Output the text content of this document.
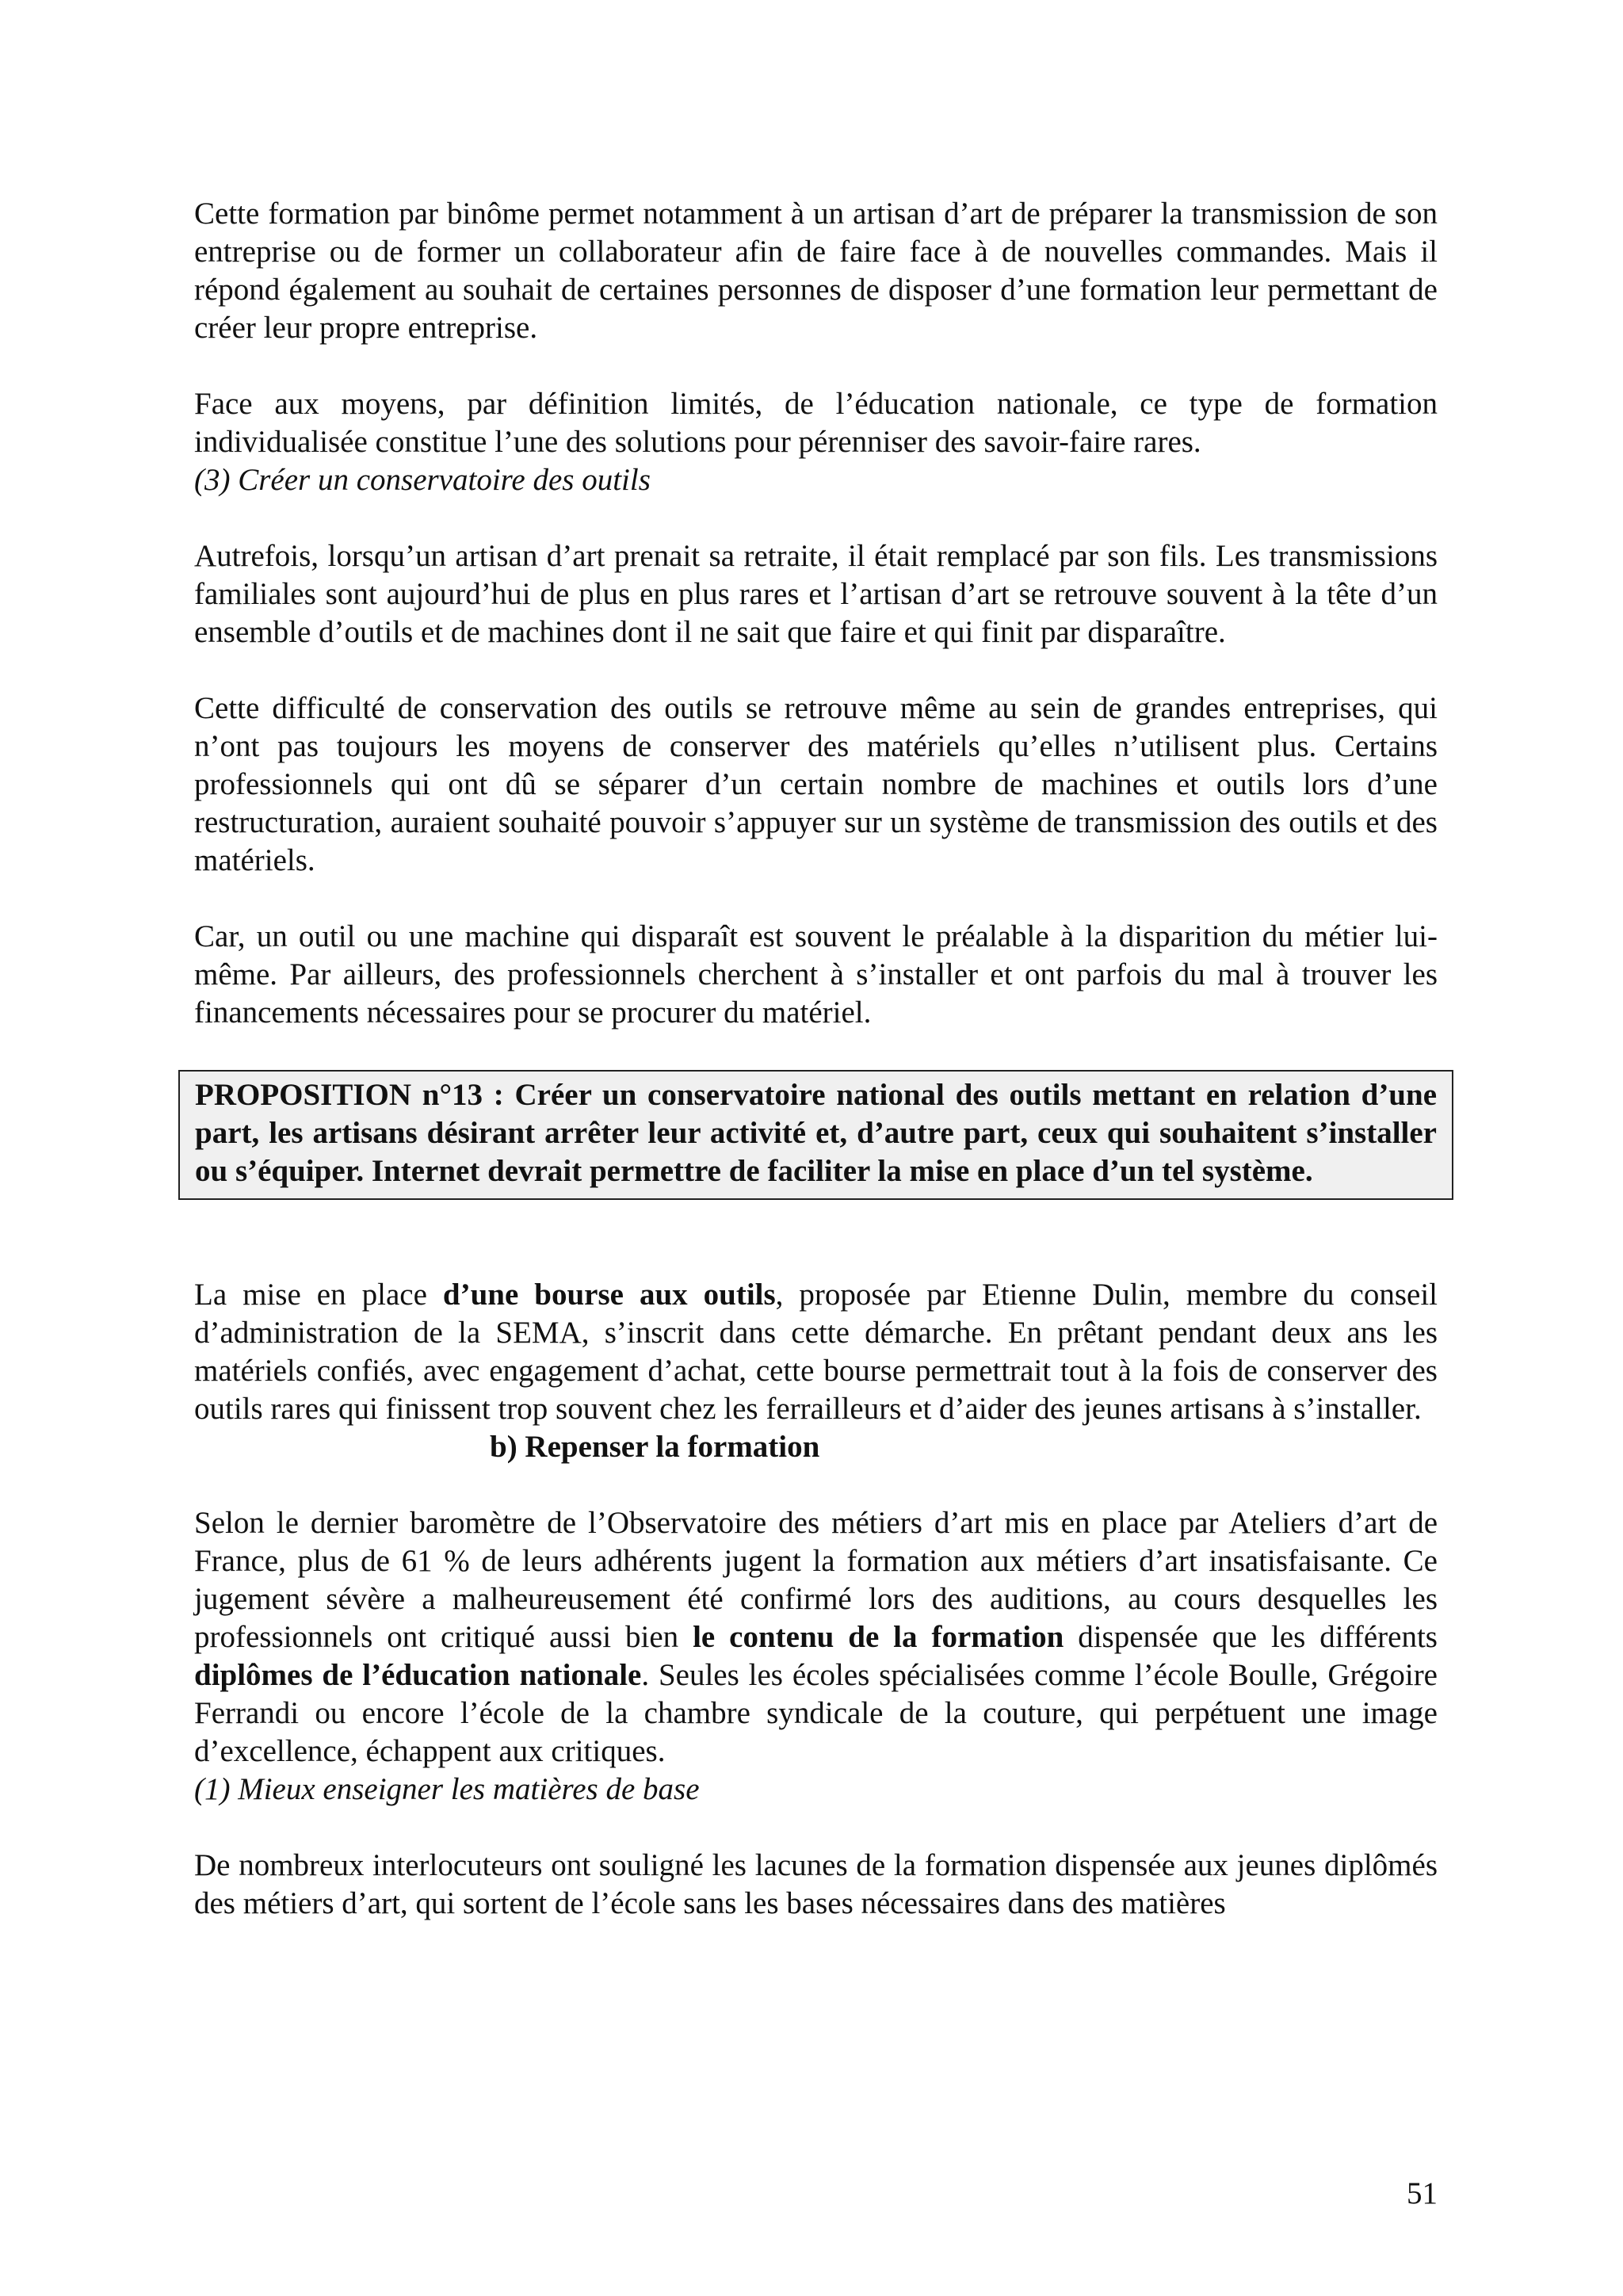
Cette formation par binôme permet notamment à un artisan d’art de préparer la transmission de son entreprise ou de former un collaborateur afin de faire face à de nouvelles commandes. Mais il répond également au souhait de certaines personnes de disposer d’une formation leur permettant de créer leur propre entreprise.

Face aux moyens, par définition limités, de l’éducation nationale, ce type de formation individualisée constitue l’une des solutions pour pérenniser des savoir-faire rares.

(3) Créer un conservatoire des outils

Autrefois, lorsqu’un artisan d’art prenait sa retraite, il était remplacé par son fils. Les transmissions familiales sont aujourd’hui de plus en plus rares et l’artisan d’art se retrouve souvent à la tête d’un ensemble d’outils et de machines dont il ne sait que faire et qui finit par disparaître.

Cette difficulté de conservation des outils se retrouve même au sein de grandes entreprises, qui n’ont pas toujours les moyens de conserver des matériels qu’elles n’utilisent plus. Certains professionnels qui ont dû se séparer d’un certain nombre de machines et outils lors d’une restructuration, auraient souhaité pouvoir s’appuyer sur un système de transmission des outils et des matériels.

Car, un outil ou une machine qui disparaît est souvent le préalable à la disparition du métier lui-même. Par ailleurs, des professionnels cherchent à s’installer et ont parfois du mal à trouver les financements nécessaires pour se procurer du matériel.

PROPOSITION n°13 : Créer un conservatoire national des outils mettant en relation d’une part, les artisans désirant arrêter leur activité et, d’autre part, ceux qui souhaitent s’installer ou s’équiper. Internet devrait permettre de faciliter la mise en place d’un tel système.

La mise en place d’une bourse aux outils, proposée par Etienne Dulin, membre du conseil d’administration de la SEMA, s’inscrit dans cette démarche. En prêtant pendant deux ans les matériels confiés, avec engagement d’achat, cette bourse permettrait tout à la fois de conserver des outils rares qui finissent trop souvent chez les ferrailleurs et d’aider des jeunes artisans à s’installer.

b) Repenser la formation

Selon le dernier baromètre de l’Observatoire des métiers d’art mis en place par Ateliers d’art de France, plus de 61 % de leurs adhérents jugent la formation aux métiers d’art insatisfaisante. Ce jugement sévère a malheureusement été confirmé lors des auditions, au cours desquelles les professionnels ont critiqué aussi bien le contenu de la formation dispensée que les différents diplômes de l’éducation nationale. Seules les écoles spécialisées comme l’école Boulle, Grégoire Ferrandi ou encore l’école de la chambre syndicale de la couture, qui perpétuent une image d’excellence, échappent aux critiques.

(1) Mieux enseigner les matières de base

De nombreux interlocuteurs ont souligné les lacunes de la formation dispensée aux jeunes diplômés des métiers d’art, qui sortent de l’école sans les bases nécessaires dans des matières

51
